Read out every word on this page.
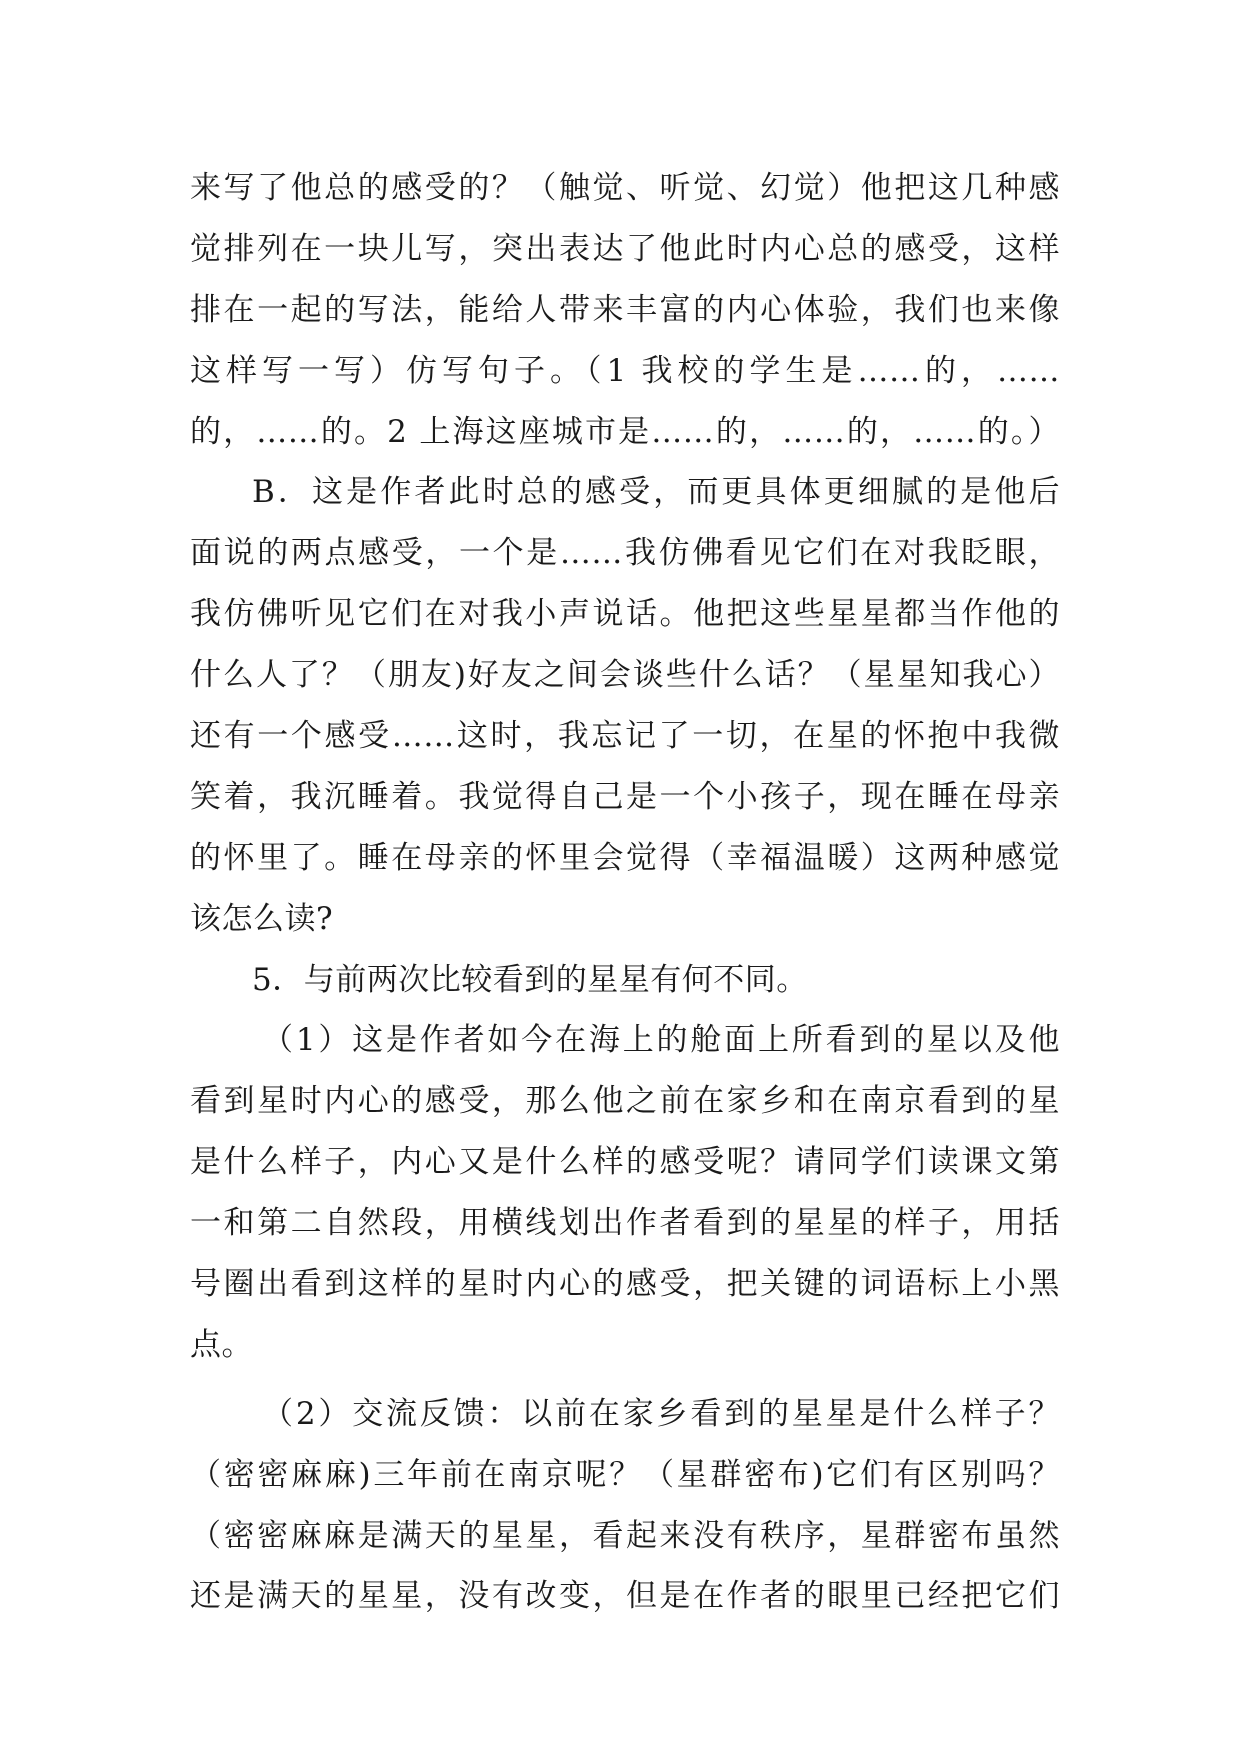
来写了他总的感受的？（触觉、听觉、幻觉）他把这几种感
觉排列在一块儿写，突出表达了他此时内心总的感受，这样
排在一起的写法，能给人带来丰富的内心体验，我们也来像
这样写一写）仿写句子。（1 我校的学生是……的，……
的，……的。2 上海这座城市是……的，……的，……的。）
B．这是作者此时总的感受，而更具体更细腻的是他后
面说的两点感受，一个是……我仿佛看见它们在对我眨眼，
我仿佛听见它们在对我小声说话。他把这些星星都当作他的
什么人了？（朋友)好友之间会谈些什么话？（星星知我心）
还有一个感受……这时，我忘记了一切，在星的怀抱中我微
笑着，我沉睡着。我觉得自己是一个小孩子，现在睡在母亲
的怀里了。睡在母亲的怀里会觉得（幸福温暖）这两种感觉
该怎么读?
5．与前两次比较看到的星星有何不同。
（1）这是作者如今在海上的舱面上所看到的星以及他
看到星时内心的感受，那么他之前在家乡和在南京看到的星
是什么样子，内心又是什么样的感受呢？请同学们读课文第
一和第二自然段，用横线划出作者看到的星星的样子，用括
号圈出看到这样的星时内心的感受，把关键的词语标上小黑
点。
（2）交流反馈：以前在家乡看到的星星是什么样子？
（密密麻麻)三年前在南京呢？（星群密布)它们有区别吗？
（密密麻麻是满天的星星，看起来没有秩序，星群密布虽然
还是满天的星星，没有改变，但是在作者的眼里已经把它们
